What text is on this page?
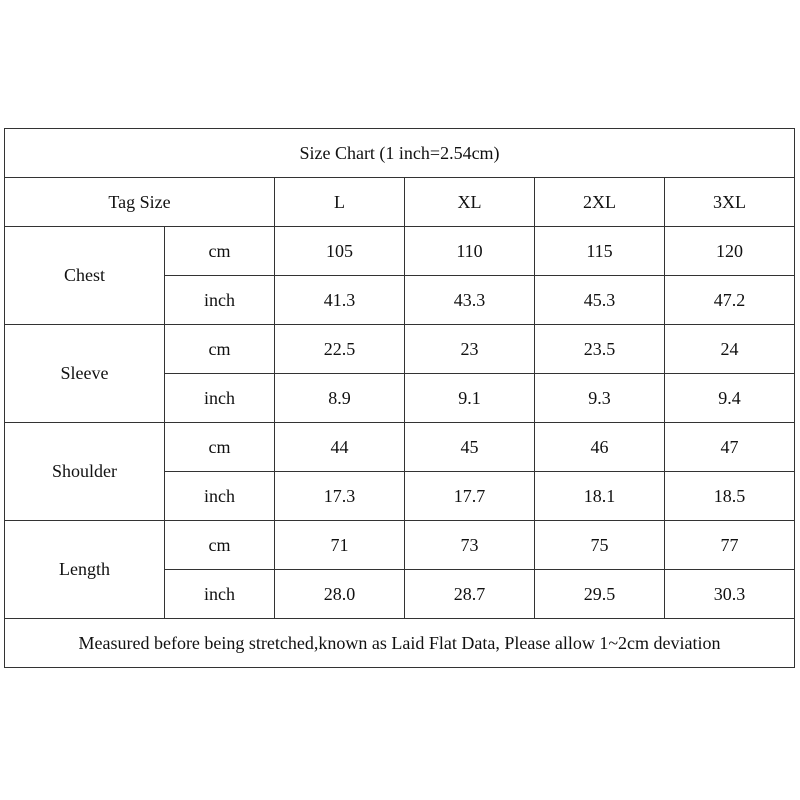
Size Chart (1 inch=2.54cm)					
Tag Size		L	XL	2XL	3XL
Chest	cm	105	110	115	120
	inch	41.3	43.3	45.3	47.2
Sleeve	cm	22.5	23	23.5	24
	inch	8.9	9.1	9.3	9.4
Shoulder	cm	44	45	46	47
	inch	17.3	17.7	18.1	18.5
Length	cm	71	73	75	77
	inch	28.0	28.7	29.5	30.3
Measured before being stretched,known as Laid Flat Data, Please allow 1~2cm deviation					
